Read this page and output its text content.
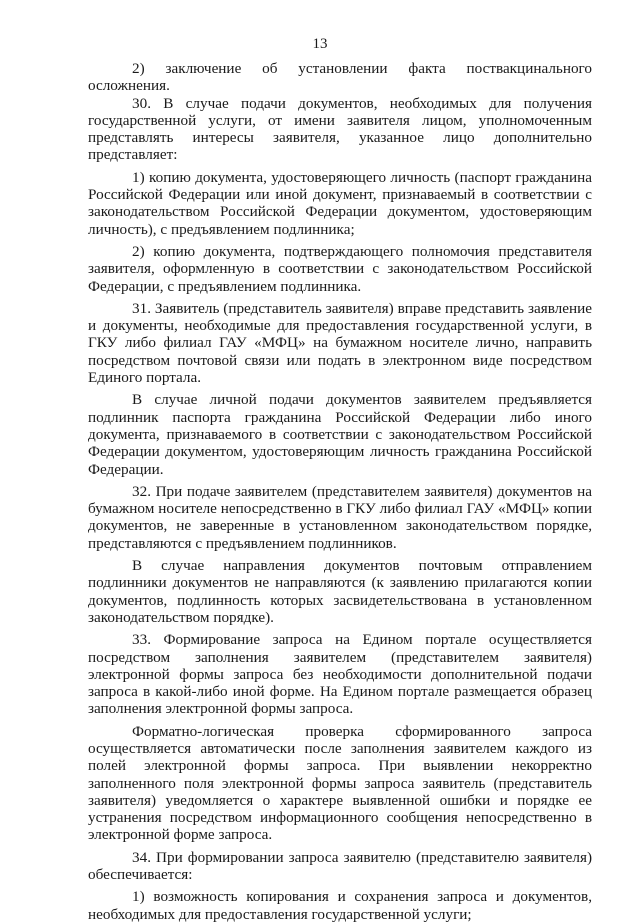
13

2) заключение об установлении факта поствакцинального осложнения.

30. В случае подачи документов, необходимых для получения государственной услуги, от имени заявителя лицом, уполномоченным представлять интересы заявителя, указанное лицо дополнительно представляет:

1) копию документа, удостоверяющего личность (паспорт гражданина Российской Федерации или иной документ, признаваемый в соответствии с законодательством Российской Федерации документом, удостоверяющим личность), с предъявлением подлинника;

2) копию документа, подтверждающего полномочия представителя заявителя, оформленную в соответствии с законодательством Российской Федерации, с предъявлением подлинника.

31. Заявитель (представитель заявителя) вправе представить заявление и документы, необходимые для предоставления государственной услуги, в ГКУ либо филиал ГАУ «МФЦ» на бумажном носителе лично, направить посредством почтовой связи или подать в электронном виде посредством Единого портала.

В случае личной подачи документов заявителем предъявляется подлинник паспорта гражданина Российской Федерации либо иного документа, признаваемого в соответствии с законодательством Российской Федерации документом, удостоверяющим личность гражданина Российской Федерации.

32. При подаче заявителем (представителем заявителя) документов на бумажном носителе непосредственно в ГКУ либо филиал ГАУ «МФЦ» копии документов, не заверенные в установленном законодательством порядке, представляются с предъявлением подлинников.

В случае направления документов почтовым отправлением подлинники документов не направляются (к заявлению прилагаются копии документов, подлинность которых засвидетельствована в установленном законодательством порядке).

33. Формирование запроса на Едином портале осуществляется посредством заполнения заявителем (представителем заявителя) электронной формы запроса без необходимости дополнительной подачи запроса в какой-либо иной форме. На Едином портале размещается образец заполнения электронной формы запроса.

Форматно-логическая проверка сформированного запроса осуществляется автоматически после заполнения заявителем каждого из полей электронной формы запроса. При выявлении некорректно заполненного поля электронной формы запроса заявитель (представитель заявителя) уведомляется о характере выявленной ошибки и порядке ее устранения посредством информационного сообщения непосредственно в электронной форме запроса.

34. При формировании запроса заявителю (представителю заявителя) обеспечивается:

1) возможность копирования и сохранения запроса и документов, необходимых для предоставления государственной услуги;
